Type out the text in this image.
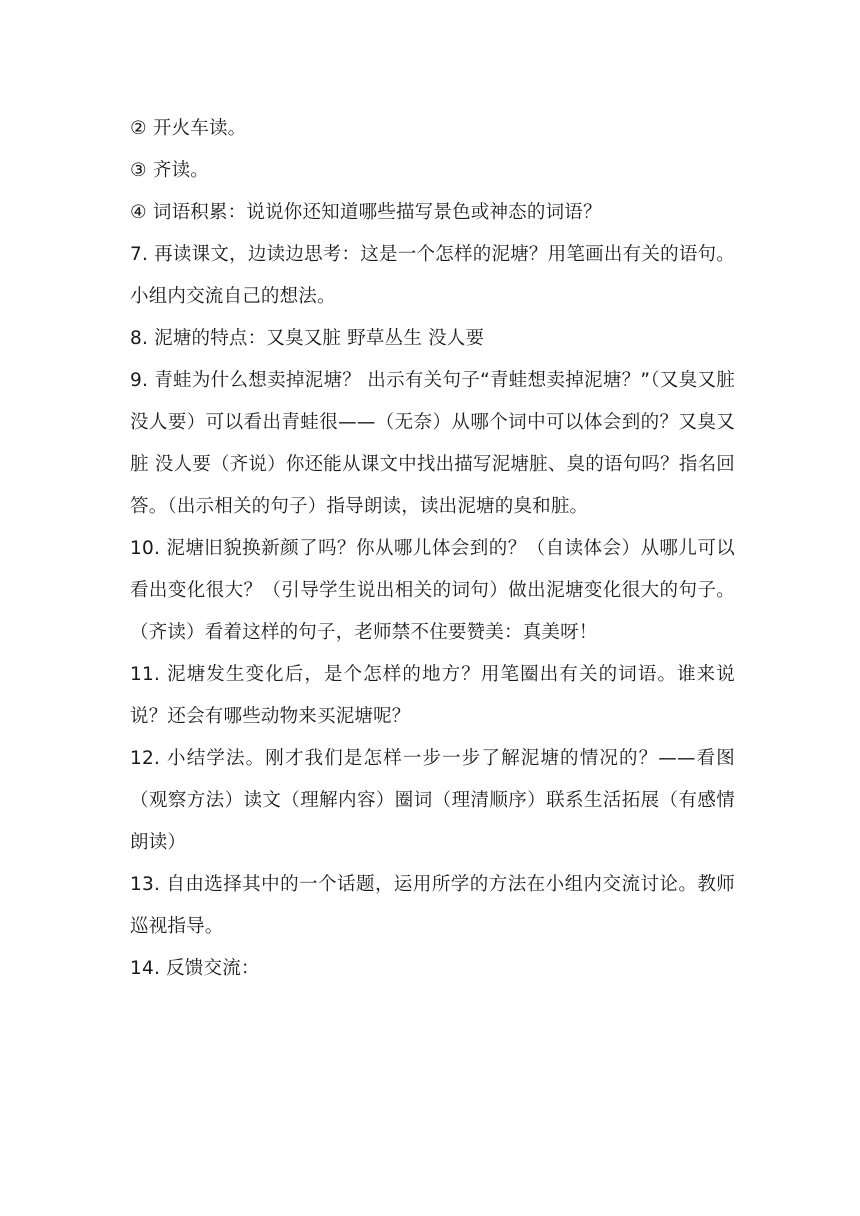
② 开火车读。

③ 齐读。

④ 词语积累：说说你还知道哪些描写景色或神态的词语？

7. 再读课文，边读边思考：这是一个怎样的泥塘？用笔画出有关的语句。小组内交流自己的想法。

8. 泥塘的特点：又臭又脏 野草丛生 没人要

9. 青蛙为什么想卖掉泥塘？ 出示有关句子“青蛙想卖掉泥塘？”（又臭又脏 没人要）可以看出青蛙很——（无奈）从哪个词中可以体会到的？又臭又脏 没人要（齐说）你还能从课文中找出描写泥塘脏、臭的语句吗？指名回答。（出示相关的句子）指导朗读，读出泥塘的臭和脏。

10. 泥塘旧貌换新颜了吗？你从哪儿体会到的？（自读体会）从哪儿可以看出变化很大？（引导学生说出相关的词句）做出泥塘变化很大的句子。（齐读）看着这样的句子，老师禁不住要赞美：真美呀！

11. 泥塘发生变化后，是个怎样的地方？用笔圈出有关的词语。谁来说说？还会有哪些动物来买泥塘呢？

12. 小结学法。刚才我们是怎样一步一步了解泥塘的情况的？——看图（观察方法）读文（理解内容）圈词（理清顺序）联系生活拓展（有感情朗读）

13. 自由选择其中的一个话题，运用所学的方法在小组内交流讨论。教师巡视指导。

14. 反馈交流：
